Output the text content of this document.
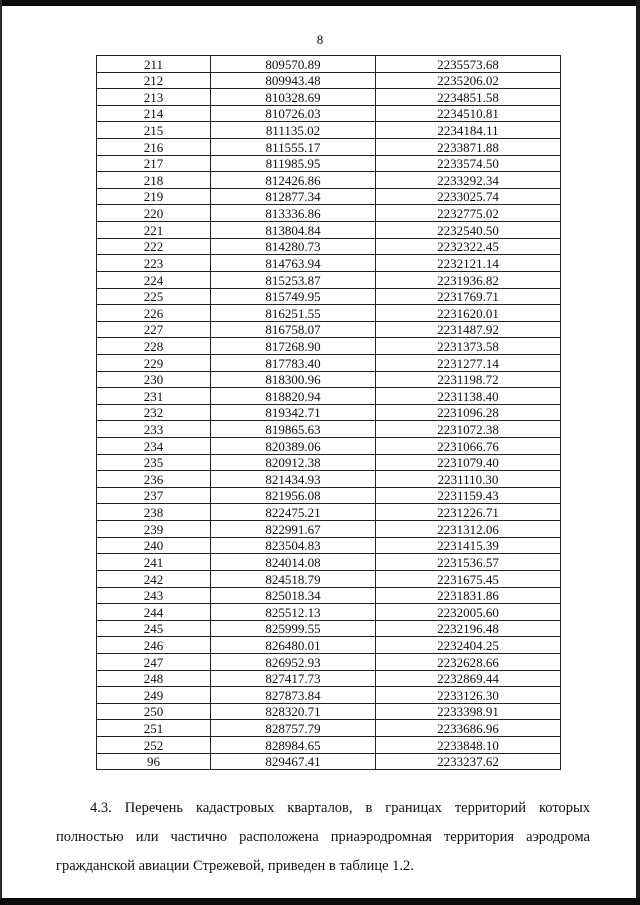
8
211	809570.89	2235573.68
212	809943.48	2235206.02
213	810328.69	2234851.58
214	810726.03	2234510.81
215	811135.02	2234184.11
216	811555.17	2233871.88
217	811985.95	2233574.50
218	812426.86	2233292.34
219	812877.34	2233025.74
220	813336.86	2232775.02
221	813804.84	2232540.50
222	814280.73	2232322.45
223	814763.94	2232121.14
224	815253.87	2231936.82
225	815749.95	2231769.71
226	816251.55	2231620.01
227	816758.07	2231487.92
228	817268.90	2231373.58
229	817783.40	2231277.14
230	818300.96	2231198.72
231	818820.94	2231138.40
232	819342.71	2231096.28
233	819865.63	2231072.38
234	820389.06	2231066.76
235	820912.38	2231079.40
236	821434.93	2231110.30
237	821956.08	2231159.43
238	822475.21	2231226.71
239	822991.67	2231312.06
240	823504.83	2231415.39
241	824014.08	2231536.57
242	824518.79	2231675.45
243	825018.34	2231831.86
244	825512.13	2232005.60
245	825999.55	2232196.48
246	826480.01	2232404.25
247	826952.93	2232628.66
248	827417.73	2232869.44
249	827873.84	2233126.30
250	828320.71	2233398.91
251	828757.79	2233686.96
252	828984.65	2233848.10
96	829467.41	2233237.62
4.3. Перечень кадастровых кварталов, в границах территорий которых полностью или частично расположена приаэродромная территория аэродрома гражданской авиации Стрежевой, приведен в таблице 1.2.
